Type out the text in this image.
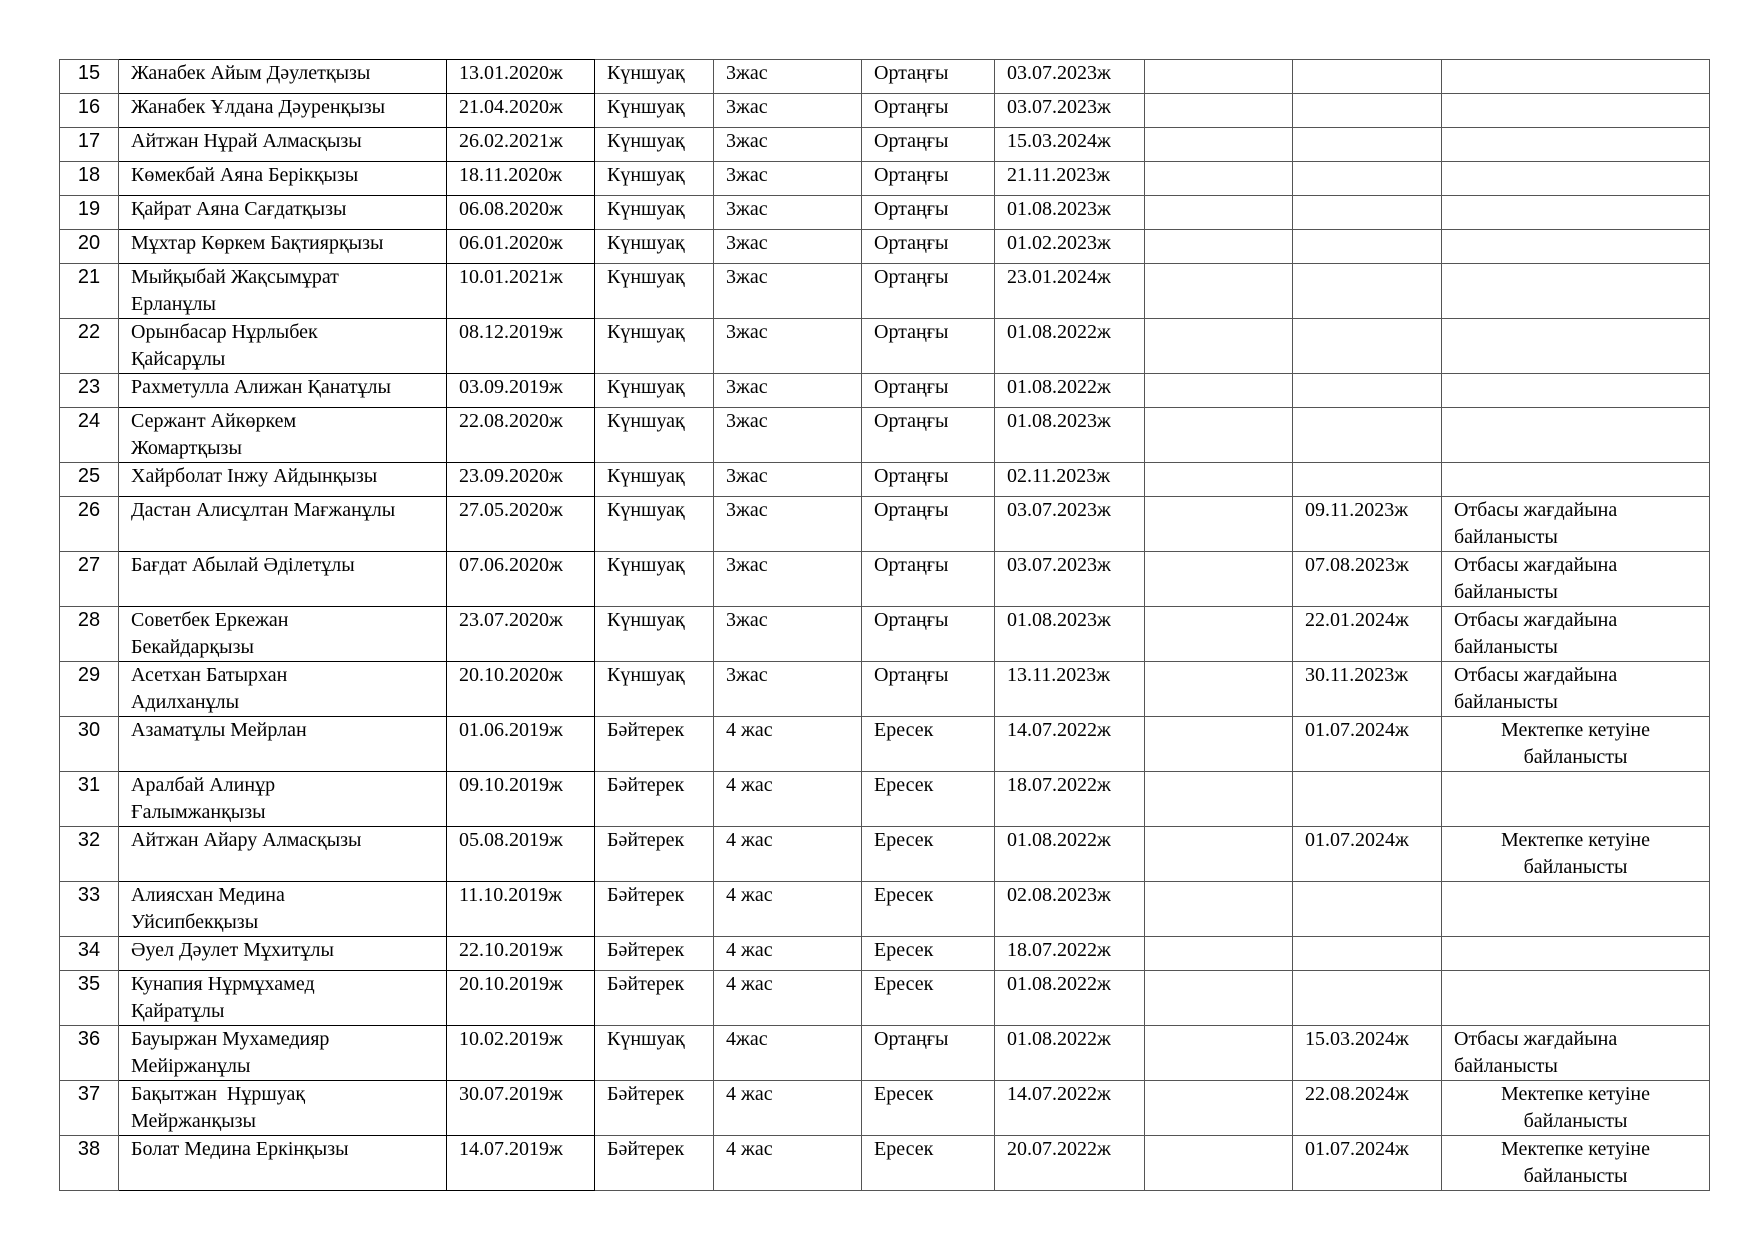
15	Жанабек Айым Дәулетқызы	13.01.2020ж	Күншуақ	3жас	Ортаңғы	03.07.2023ж			
16	Жанабек Ұлдана Дәуренқызы	21.04.2020ж	Күншуақ	3жас	Ортаңғы	03.07.2023ж			
17	Айтжан Нұрай Алмасқызы	26.02.2021ж	Күншуақ	3жас	Ортаңғы	15.03.2024ж			
18	Көмекбай Аяна Берікқызы	18.11.2020ж	Күншуақ	3жас	Ортаңғы	21.11.2023ж			
19	Қайрат Аяна Сағдатқызы	06.08.2020ж	Күншуақ	3жас	Ортаңғы	01.08.2023ж			
20	Мұхтар Көркем Бақтиярқызы	06.01.2020ж	Күншуақ	3жас	Ортаңғы	01.02.2023ж			
21	Мыйқыбай Жақсымұрат
Ерланұлы	10.01.2021ж	Күншуақ	3жас	Ортаңғы	23.01.2024ж			
22	Орынбасар Нұрлыбек
Қайсарұлы	08.12.2019ж	Күншуақ	3жас	Ортаңғы	01.08.2022ж			
23	Рахметулла Алижан Қанатұлы	03.09.2019ж	Күншуақ	3жас	Ортаңғы	01.08.2022ж			
24	Сержант Айкөркем
Жомартқызы	22.08.2020ж	Күншуақ	3жас	Ортаңғы	01.08.2023ж			
25	Хайрболат Інжу Айдынқызы	23.09.2020ж	Күншуақ	3жас	Ортаңғы	02.11.2023ж			
26	Дастан Алисұлтан Мағжанұлы	27.05.2020ж	Күншуақ	3жас	Ортаңғы	03.07.2023ж		09.11.2023ж	Отбасы жағдайына
байланысты
27	Бағдат Абылай Әділетұлы	07.06.2020ж	Күншуақ	3жас	Ортаңғы	03.07.2023ж		07.08.2023ж	Отбасы жағдайына
байланысты
28	Советбек Еркежан
Бекайдарқызы	23.07.2020ж	Күншуақ	3жас	Ортаңғы	01.08.2023ж		22.01.2024ж	Отбасы жағдайына
байланысты
29	Асетхан Батырхан
Адилханұлы	20.10.2020ж	Күншуақ	3жас	Ортаңғы	13.11.2023ж		30.11.2023ж	Отбасы жағдайына
байланысты
30	Азаматұлы Мейрлан	01.06.2019ж	Бәйтерек	4 жас	Ересек	14.07.2022ж		01.07.2024ж	Мектепке кетуіне
байланысты
31	Аралбай Алинұр
Ғалымжанқызы	09.10.2019ж	Бәйтерек	4 жас	Ересек	18.07.2022ж			
32	Айтжан Айару Алмасқызы	05.08.2019ж	Бәйтерек	4 жас	Ересек	01.08.2022ж		01.07.2024ж	Мектепке кетуіне
байланысты
33	Алиясхан Медина
Уйсипбекқызы	11.10.2019ж	Бәйтерек	4 жас	Ересек	02.08.2023ж			
34	Әуел Дәулет Мұхитұлы	22.10.2019ж	Бәйтерек	4 жас	Ересек	18.07.2022ж			
35	Кунапия Нұрмұхамед
Қайратұлы	20.10.2019ж	Бәйтерек	4 жас	Ересек	01.08.2022ж			
36	Бауыржан Мухамедияр
Мейіржанұлы	10.02.2019ж	Күншуақ	4жас	Ортаңғы	01.08.2022ж		15.03.2024ж	Отбасы жағдайына
байланысты
37	Бақытжан  Нұршуақ
Мейржанқызы	30.07.2019ж	Бәйтерек	4 жас	Ересек	14.07.2022ж		22.08.2024ж	Мектепке кетуіне
байланысты
38	Болат Медина Еркінқызы	14.07.2019ж	Бәйтерек	4 жас	Ересек	20.07.2022ж		01.07.2024ж	Мектепке кетуіне
байланысты
